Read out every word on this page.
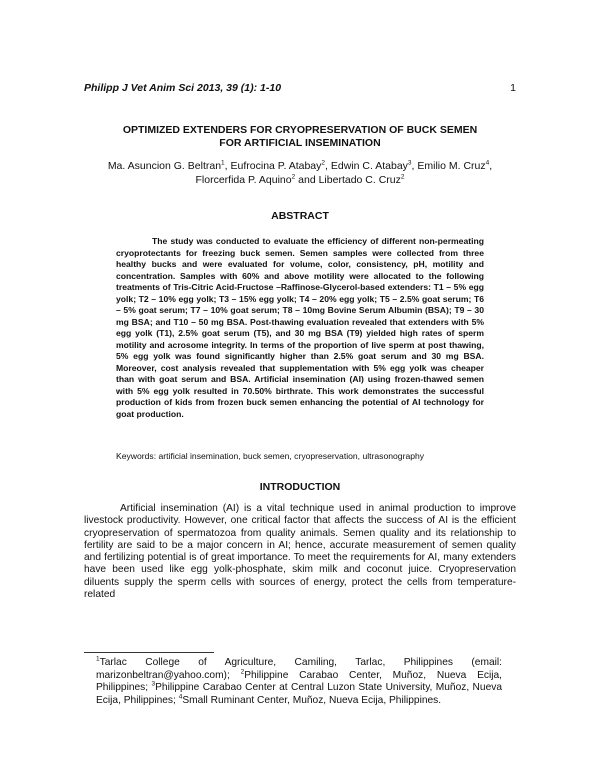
Philipp J Vet Anim Sci 2013, 39 (1): 1-10	1
OPTIMIZED EXTENDERS FOR CRYOPRESERVATION OF BUCK SEMEN
FOR ARTIFICIAL INSEMINATION
Ma. Asuncion G. Beltran$^1$, Eufrocina P. Atabay$^2$, Edwin C. Atabay$^3$, Emilio M. Cruz$^4$,
Florcerfida P. Aquino$^2$ and Libertado C. Cruz$^2$
ABSTRACT
The study was conducted to evaluate the efficiency of different non-permeating cryoprotectants for freezing buck semen. Semen samples were collected from three healthy bucks and were evaluated for volume, color, consistency, pH, motility and concentration. Samples with 60% and above motility were allocated to the following treatments of Tris-Citric Acid-Fructose –Raffinose-Glycerol-based extenders: T1 – 5% egg yolk; T2 – 10% egg yolk; T3 – 15% egg yolk; T4 – 20% egg yolk; T5 – 2.5% goat serum; T6 – 5% goat serum; T7 – 10% goat serum; T8 – 10mg Bovine Serum Albumin (BSA); T9 – 30 mg BSA; and T10 – 50 mg BSA. Post-thawing evaluation revealed that extenders with 5% egg yolk (T1), 2.5% goat serum (T5), and 30 mg BSA (T9) yielded high rates of sperm motility and acrosome integrity. In terms of the proportion of live sperm at post thawing, 5% egg yolk was found significantly higher than 2.5% goat serum and 30 mg BSA. Moreover, cost analysis revealed that supplementation with 5% egg yolk was cheaper than with goat serum and BSA. Artificial insemination (AI) using frozen-thawed semen with 5% egg yolk resulted in 70.50% birthrate. This work demonstrates the successful production of kids from frozen buck semen enhancing the potential of AI technology for goat production.
Keywords: artificial insemination, buck semen, cryopreservation, ultrasonography
INTRODUCTION
Artificial insemination (AI) is a vital technique used in animal production to improve livestock productivity. However, one critical factor that affects the success of AI is the efficient cryopreservation of spermatozoa from quality animals. Semen quality and its relationship to fertility are said to be a major concern in AI; hence, accurate measurement of semen quality and fertilizing potential is of great importance. To meet the requirements for AI, many extenders have been used like egg yolk-phosphate, skim milk and coconut juice. Cryopreservation diluents supply the sperm cells with sources of energy, protect the cells from temperature-related
$^1$Tarlac College of Agriculture, Camiling, Tarlac, Philippines (email: marizonbeltran@yahoo.com); $^2$Philippine Carabao Center, Muñoz, Nueva Ecija, Philippines; $^3$Philippine Carabao Center at Central Luzon State University, Muñoz, Nueva Ecija, Philippines; $^4$Small Ruminant Center, Muñoz, Nueva Ecija, Philippines.
